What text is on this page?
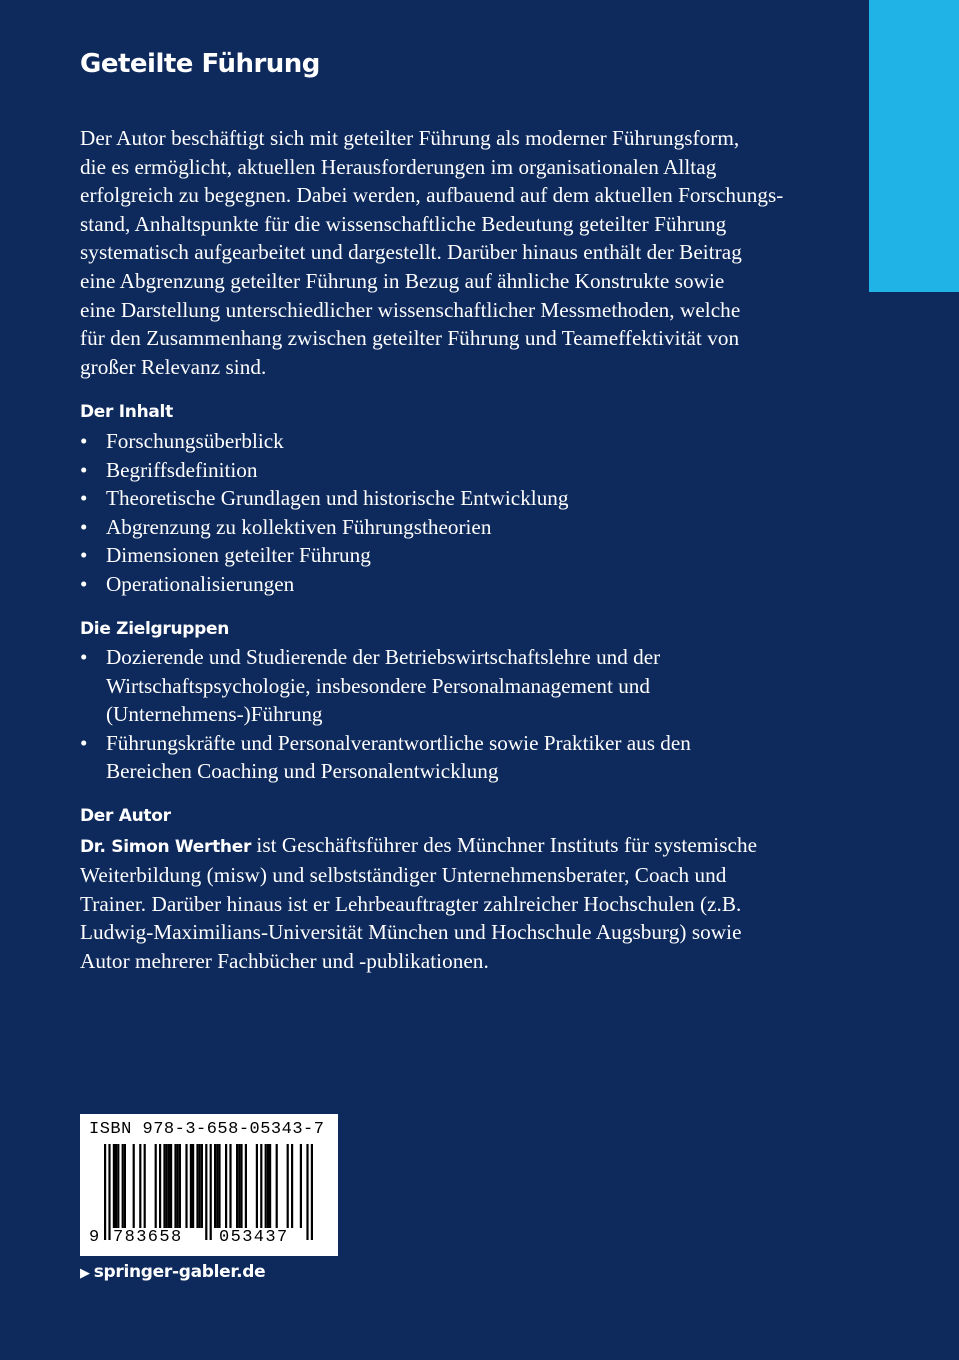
Geteilte Führung
Der Autor beschäftigt sich mit geteilter Führung als moderner Führungsform,
die es ermöglicht, aktuellen Herausforderungen im organisationalen Alltag
erfolgreich zu begegnen. Dabei werden, aufbauend auf dem aktuellen Forschungs-
stand, Anhaltspunkte für die wissenschaftliche Bedeutung geteilter Führung
systematisch aufgearbeitet und dargestellt. Darüber hinaus enthält der Beitrag
eine Abgrenzung geteilter Führung in Bezug auf ähnliche Konstrukte sowie
eine Darstellung unterschiedlicher wissenschaftlicher Messmethoden, welche
für den Zusammenhang zwischen geteilter Führung und Teameffektivität von
großer Relevanz sind.
Der Inhalt
• Forschungsüberblick
• Begriffsdefinition
• Theoretische Grundlagen und historische Entwicklung
• Abgrenzung zu kollektiven Führungstheorien
• Dimensionen geteilter Führung
• Operationalisierungen
Die Zielgruppen
• Dozierende und Studierende der Betriebswirtschaftslehre und der
Wirtschaftspsychologie, insbesondere Personalmanagement und
(Unternehmens-)Führung
• Führungskräfte und Personalverantwortliche sowie Praktiker aus den
Bereichen Coaching und Personalentwicklung
Der Autor
Dr. Simon Werther ist Geschäftsführer des Münchner Instituts für systemische
Weiterbildung (misw) und selbstständiger Unternehmensberater, Coach und
Trainer. Darüber hinaus ist er Lehrbeauftragter zahlreicher Hochschulen (z.B.
Ludwig-Maximilians-Universität München und Hochschule Augsburg) sowie
Autor mehrerer Fachbücher und -publikationen.
ISBN 978-3-658-05343-7
9 783658 053437
▶ springer-gabler.de
